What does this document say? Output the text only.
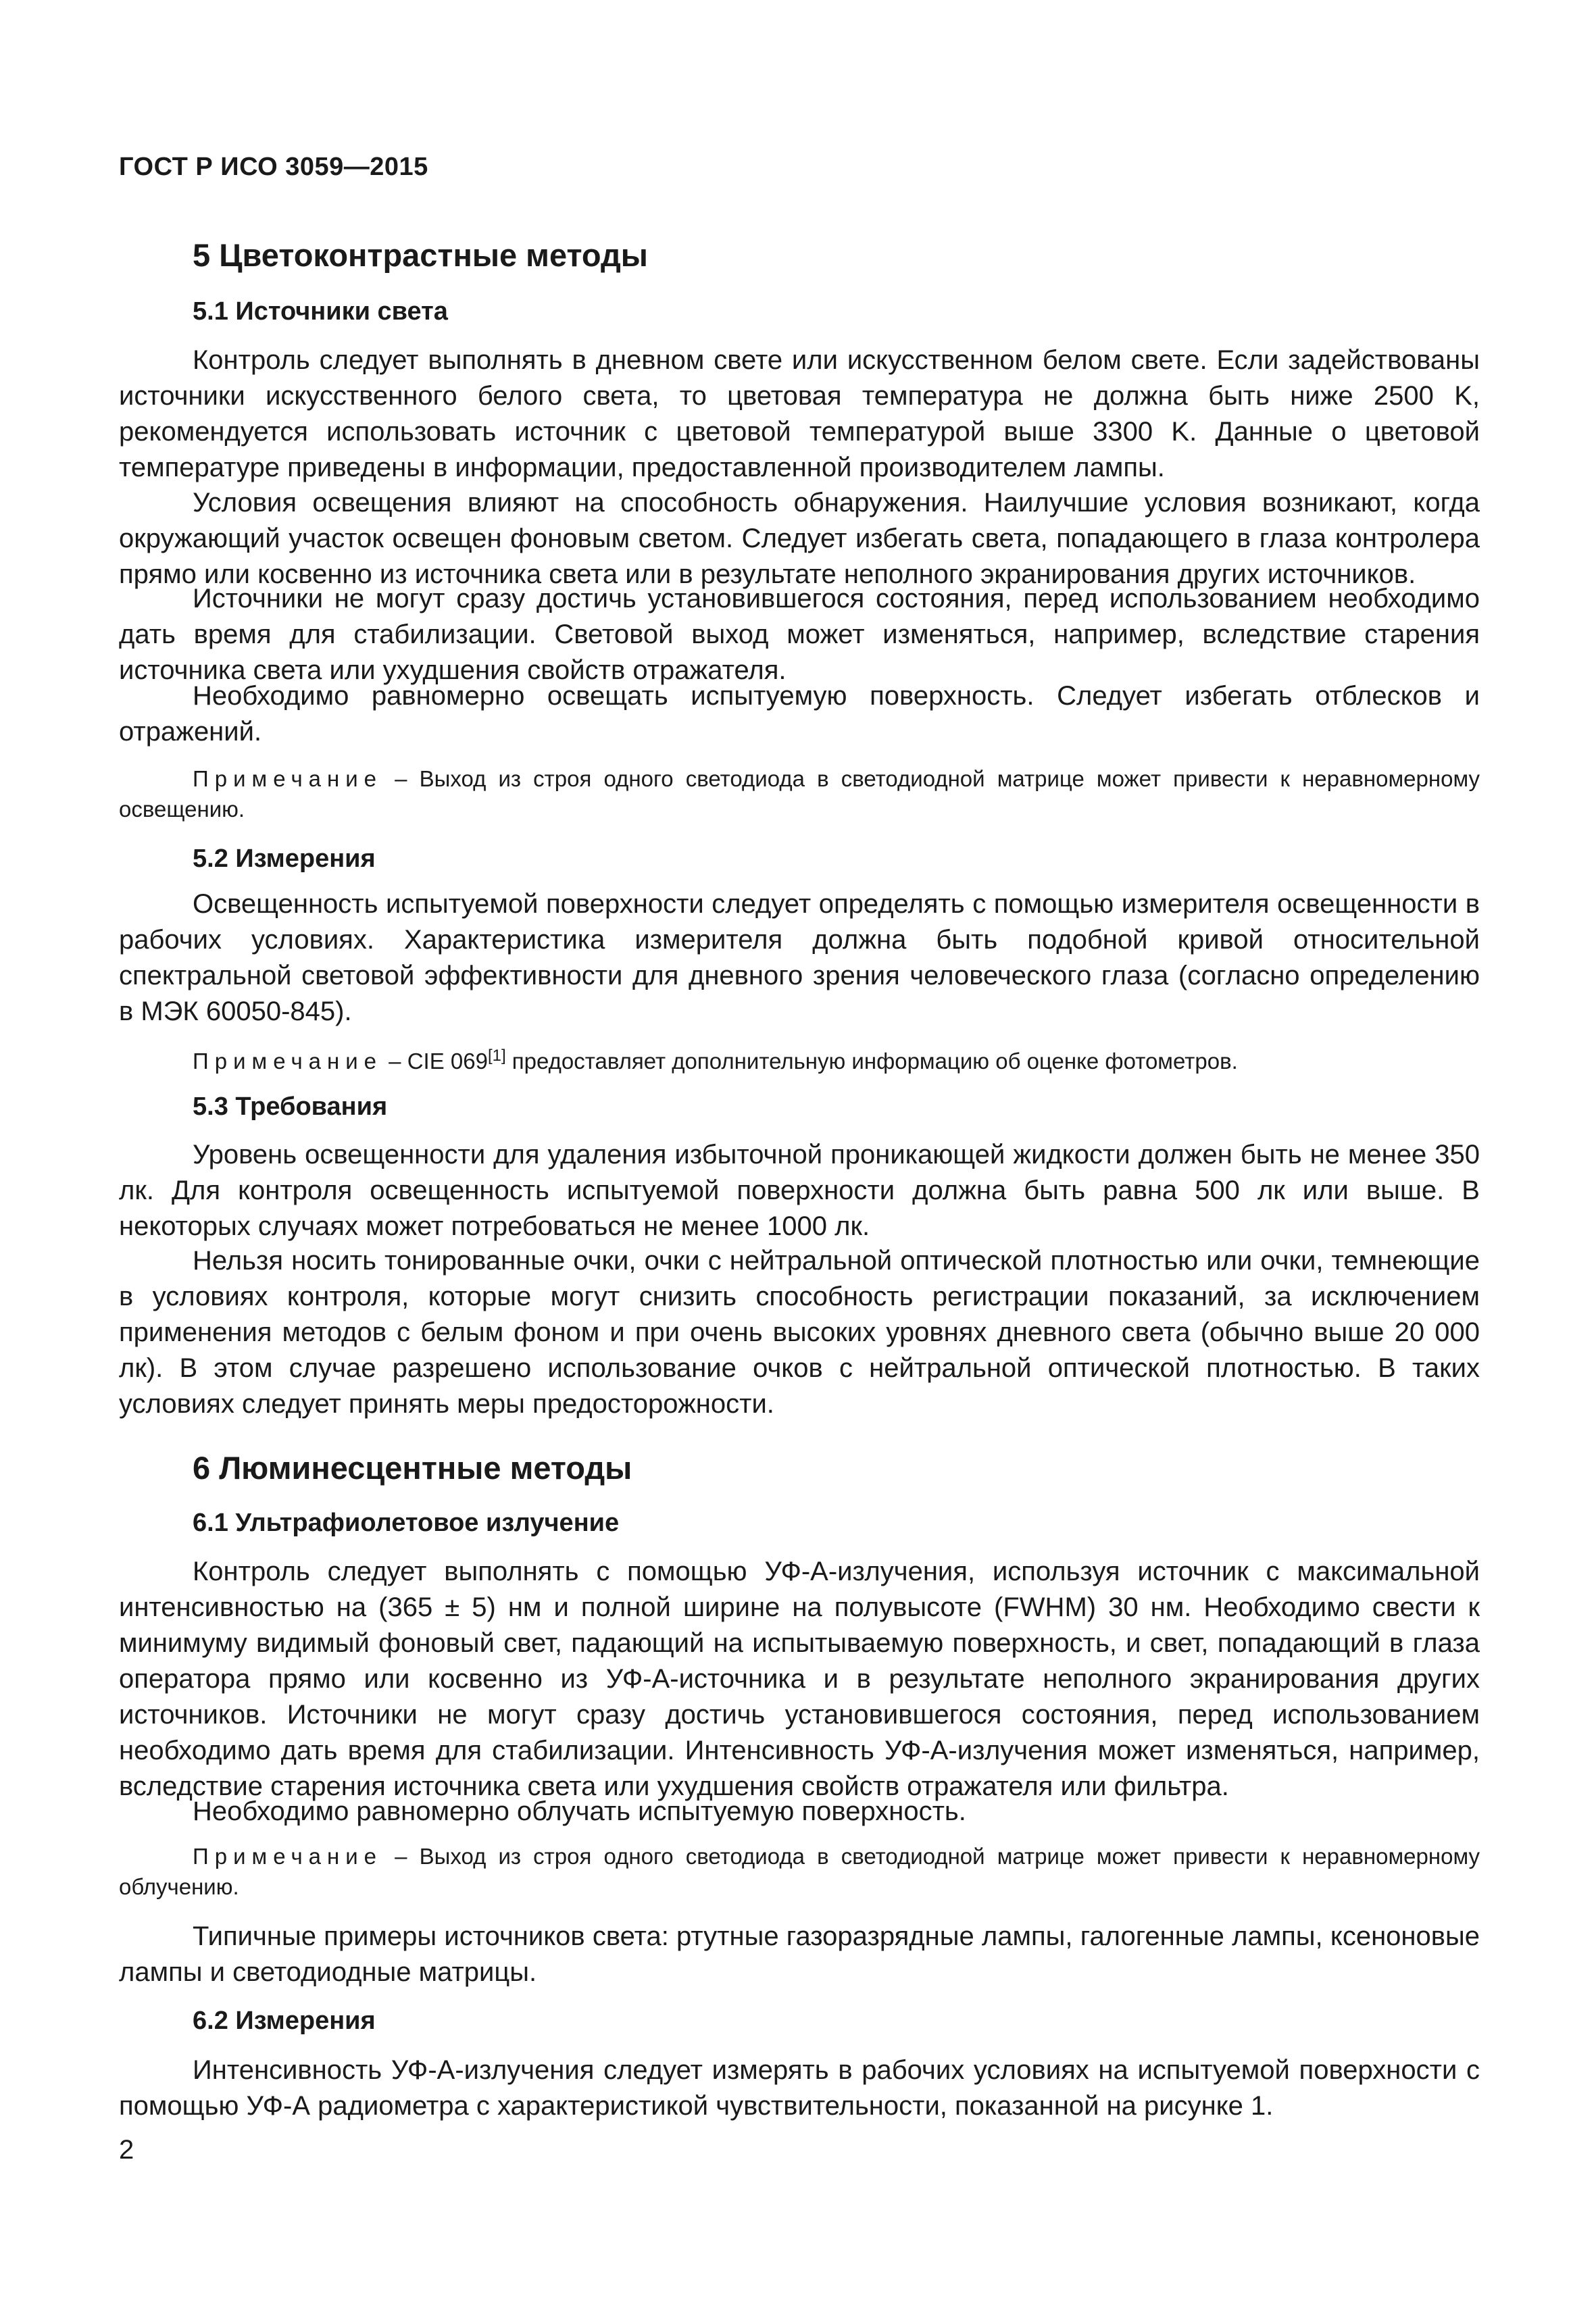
ГОСТ Р ИСО 3059—2015
5 Цветоконтрастные методы
5.1 Источники света

Контроль следует выполнять в дневном свете или искусственном белом свете. Если задействованы источники искусственного белого света, то цветовая температура не должна быть ниже 2500 K, рекомендуется использовать источник с цветовой температурой выше 3300 K. Данные о цветовой температуре приведены в информации, предоставленной производителем лампы.

Условия освещения влияют на способность обнаружения. Наилучшие условия возникают, когда окружающий участок освещен фоновым светом. Следует избегать света, попадающего в глаза контролера прямо или косвенно из источника света или в результате неполного экранирования других источников.

Источники не могут сразу достичь установившегося состояния, перед использованием необходимо дать время для стабилизации. Световой выход может изменяться, например, вследствие старения источника света или ухудшения свойств отражателя.

Необходимо равномерно освещать испытуемую поверхность. Следует избегать отблесков и отражений.

Примечание – Выход из строя одного светодиода в светодиодной матрице может привести к неравномерному освещению.

5.2 Измерения

Освещенность испытуемой поверхности следует определять с помощью измерителя освещенности в рабочих условиях. Характеристика измерителя должна быть подобной кривой относительной спектральной световой эффективности для дневного зрения человеческого глаза (согласно определению в МЭК 60050-845).

Примечание – CIE 069[1] предоставляет дополнительную информацию об оценке фотометров.

5.3 Требования

Уровень освещенности для удаления избыточной проникающей жидкости должен быть не менее 350 лк. Для контроля освещенность испытуемой поверхности должна быть равна 500 лк или выше. В некоторых случаях может потребоваться не менее 1000 лк.

Нельзя носить тонированные очки, очки с нейтральной оптической плотностью или очки, темнеющие в условиях контроля, которые могут снизить способность регистрации показаний, за исключением применения методов с белым фоном и при очень высоких уровнях дневного света (обычно выше 20 000 лк). В этом случае разрешено использование очков с нейтральной оптической плотностью. В таких условиях следует принять меры предосторожности.

6 Люминесцентные методы
6.1 Ультрафиолетовое излучение

Контроль следует выполнять с помощью УФ-А-излучения, используя источник с максимальной интенсивностью на (365 ± 5) нм и полной ширине на полувысоте (FWHM) 30 нм. Необходимо свести к минимуму видимый фоновый свет, падающий на испытываемую поверхность, и свет, попадающий в глаза оператора прямо или косвенно из УФ-А-источника и в результате неполного экранирования других источников. Источники не могут сразу достичь установившегося состояния, перед использованием необходимо дать время для стабилизации. Интенсивность УФ-А-излучения может изменяться, например, вследствие старения источника света или ухудшения свойств отражателя или фильтра.

Необходимо равномерно облучать испытуемую поверхность.

Примечание – Выход из строя одного светодиода в светодиодной матрице может привести к неравномерному облучению.

Типичные примеры источников света: ртутные газоразрядные лампы, галогенные лампы, ксеноновые лампы и светодиодные матрицы.

6.2 Измерения

Интенсивность УФ-А-излучения следует измерять в рабочих условиях на испытуемой поверхности с помощью УФ-А радиометра с характеристикой чувствительности, показанной на рисунке 1.

2
